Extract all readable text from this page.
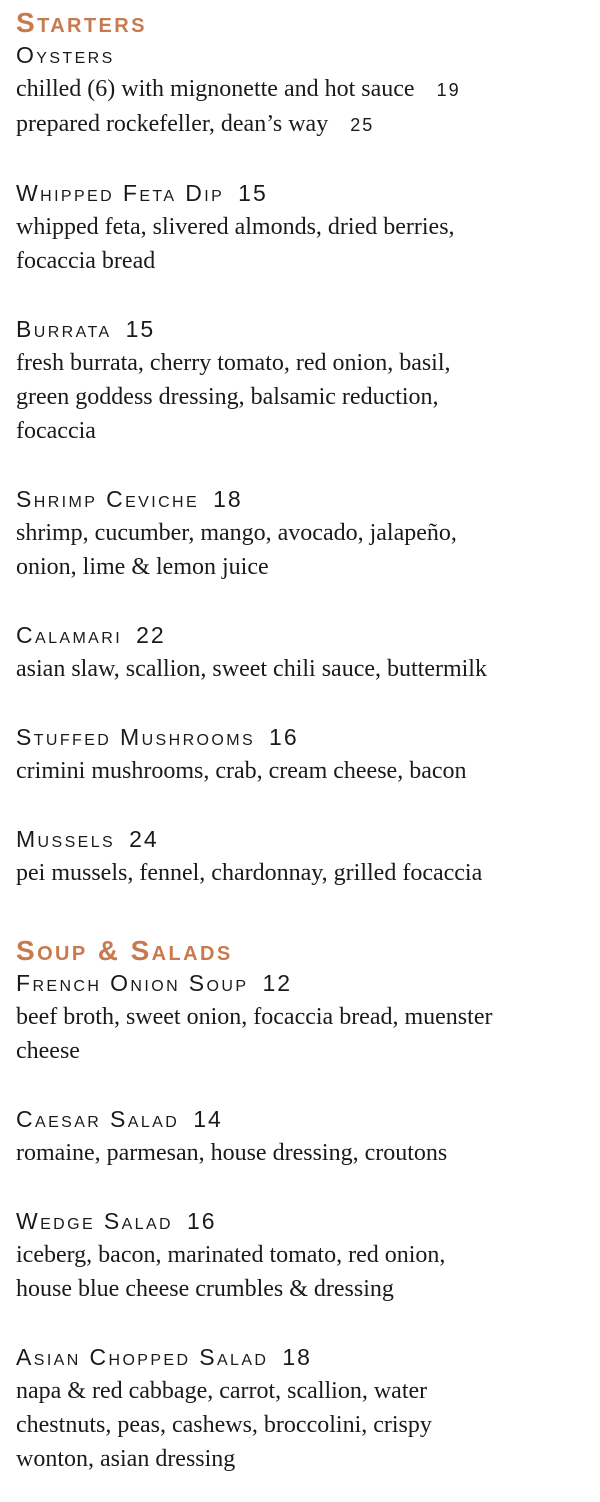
Starters
Oysters
chilled (6) with mignonette and hot sauce 19
prepared rockefeller, dean’s way 25
Whipped Feta Dip 15
whipped feta, slivered almonds, dried berries,
focaccia bread
Burrata 15
fresh burrata, cherry tomato, red onion, basil,
green goddess dressing, balsamic reduction,
focaccia
Shrimp Ceviche 18
shrimp, cucumber, mango, avocado, jalapeño,
onion, lime & lemon juice
Calamari 22
asian slaw, scallion, sweet chili sauce, buttermilk
Stuffed Mushrooms 16
crimini mushrooms, crab, cream cheese, bacon
Mussels 24
pei mussels, fennel, chardonnay, grilled focaccia
Soup & Salads
French Onion Soup 12
beef broth, sweet onion, focaccia bread, muenster
cheese
Caesar Salad 14
romaine, parmesan, house dressing, croutons
Wedge Salad 16
iceberg, bacon, marinated tomato, red onion,
house blue cheese crumbles & dressing
Asian Chopped Salad 18
napa & red cabbage, carrot, scallion, water
chestnuts, peas, cashews, broccolini, crispy
wonton, asian dressing
